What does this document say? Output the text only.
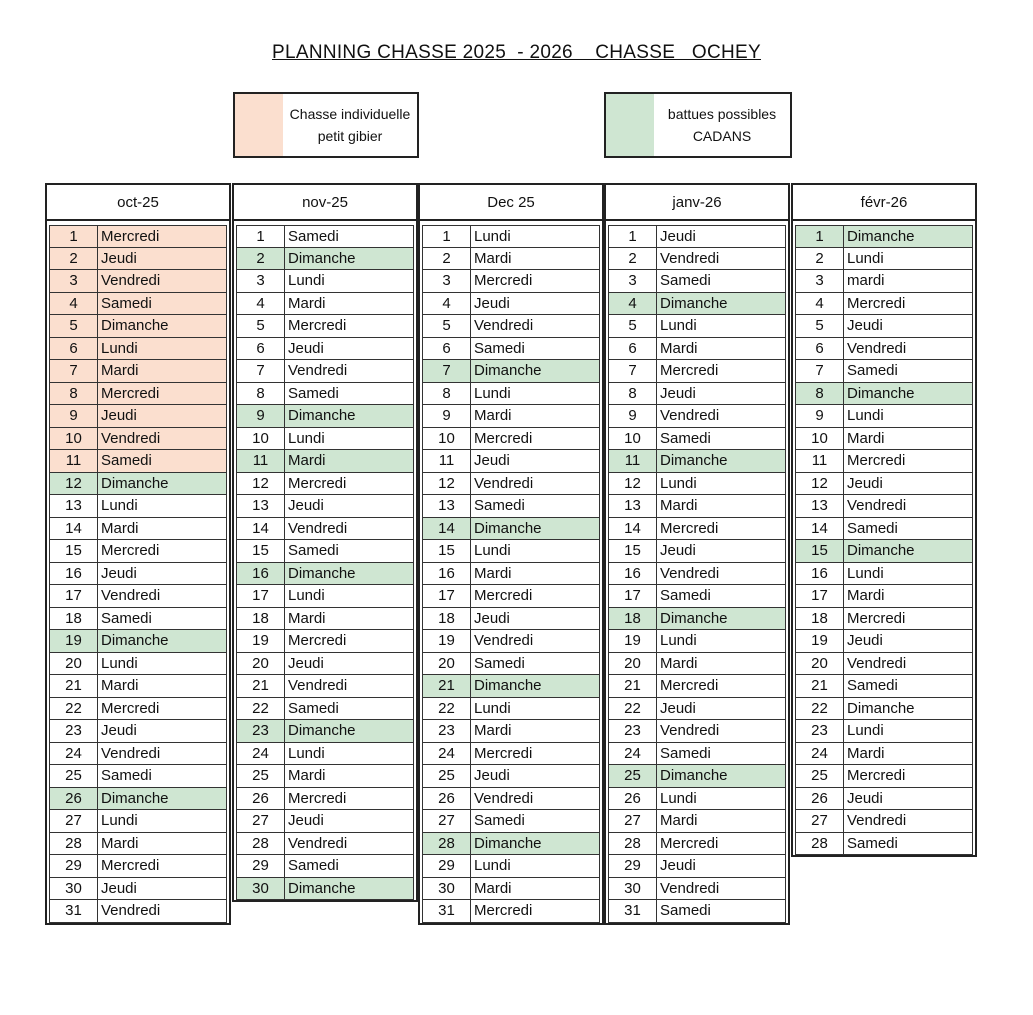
PLANNING CHASSE 2025  - 2026    CHASSE   OCHEY
Chasse individuelle
petit gibier
battues possibles
CADANS
oct-25
1	Mercredi
2	Jeudi
3	Vendredi
4	Samedi
5	Dimanche
6	Lundi
7	Mardi
8	Mercredi
9	Jeudi
10	Vendredi
11	Samedi
12	Dimanche
13	Lundi
14	Mardi
15	Mercredi
16	Jeudi
17	Vendredi
18	Samedi
19	Dimanche
20	Lundi
21	Mardi
22	Mercredi
23	Jeudi
24	Vendredi
25	Samedi
26	Dimanche
27	Lundi
28	Mardi
29	Mercredi
30	Jeudi
31	Vendredi
nov-25
1	Samedi
2	Dimanche
3	Lundi
4	Mardi
5	Mercredi
6	Jeudi
7	Vendredi
8	Samedi
9	Dimanche
10	Lundi
11	Mardi
12	Mercredi
13	Jeudi
14	Vendredi
15	Samedi
16	Dimanche
17	Lundi
18	Mardi
19	Mercredi
20	Jeudi
21	Vendredi
22	Samedi
23	Dimanche
24	Lundi
25	Mardi
26	Mercredi
27	Jeudi
28	Vendredi
29	Samedi
30	Dimanche
Dec 25
1	Lundi
2	Mardi
3	Mercredi
4	Jeudi
5	Vendredi
6	Samedi
7	Dimanche
8	Lundi
9	Mardi
10	Mercredi
11	Jeudi
12	Vendredi
13	Samedi
14	Dimanche
15	Lundi
16	Mardi
17	Mercredi
18	Jeudi
19	Vendredi
20	Samedi
21	Dimanche
22	Lundi
23	Mardi
24	Mercredi
25	Jeudi
26	Vendredi
27	Samedi
28	Dimanche
29	Lundi
30	Mardi
31	Mercredi
janv-26
1	Jeudi
2	Vendredi
3	Samedi
4	Dimanche
5	Lundi
6	Mardi
7	Mercredi
8	Jeudi
9	Vendredi
10	Samedi
11	Dimanche
12	Lundi
13	Mardi
14	Mercredi
15	Jeudi
16	Vendredi
17	Samedi
18	Dimanche
19	Lundi
20	Mardi
21	Mercredi
22	Jeudi
23	Vendredi
24	Samedi
25	Dimanche
26	Lundi
27	Mardi
28	Mercredi
29	Jeudi
30	Vendredi
31	Samedi
févr-26
1	Dimanche
2	Lundi
3	mardi
4	Mercredi
5	Jeudi
6	Vendredi
7	Samedi
8	Dimanche
9	Lundi
10	Mardi
11	Mercredi
12	Jeudi
13	Vendredi
14	Samedi
15	Dimanche
16	Lundi
17	Mardi
18	Mercredi
19	Jeudi
20	Vendredi
21	Samedi
22	Dimanche
23	Lundi
24	Mardi
25	Mercredi
26	Jeudi
27	Vendredi
28	Samedi
